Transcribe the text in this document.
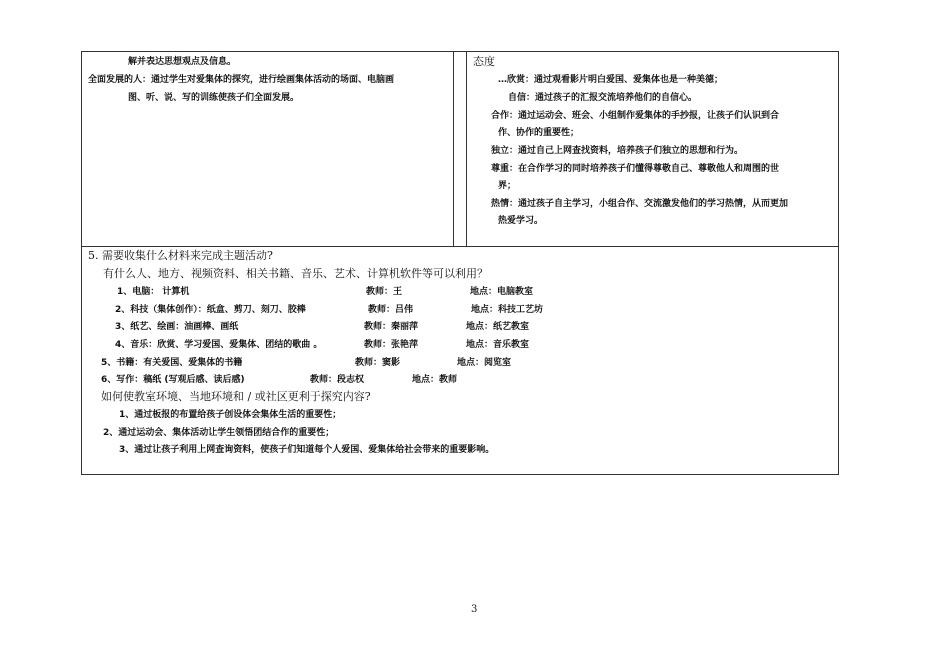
解并表达思想观点及信息。
全面发展的人：通过学生对爱集体的探究，进行绘画集体活动的场面、电脑画
图、听、说、写的训练使孩子们全面发展。
态度
…欣赏：通过观看影片明白爱国、爱集体也是一种美德；
自信：通过孩子的汇报交流培养他们的自信心。
合作：通过运动会、班会、小组制作爱集体的手抄报，让孩子们认识到合
作、协作的重要性；
独立：通过自己上网查找资料，培养孩子们独立的思想和行为。
尊重：在合作学习的同时培养孩子们懂得尊敬自己、尊敬他人和周围的世
界；
热情：通过孩子自主学习，小组合作、交流激发他们的学习热情，从而更加
热爱学习。
5. 需要收集什么材料来完成主题活动?
有什么人、地方、视频资料、相关书籍、音乐、艺术、计算机软件等可以利用？
1、电脑： 计算机	教师：王	地点：电脑教室
2、科技（集体创作）：纸盒、剪刀、刻刀、胶棒	教师：吕伟	地点：科技工艺坊
3、纸艺、绘画：油画棒、画纸	教师：秦丽萍	地点：纸艺教室
4、音乐：欣赏、学习爱国、爱集体、团结的歌曲 。	教师：张艳萍	地点：音乐教室
5、书籍：有关爱国、爱集体的书籍	教师：窦影	地点：阅览室
6、写作：稿纸 (写观后感、读后感)	教师：段志权	地点：教师
如何使教室环境、当地环境和 / 或社区更利于探究内容?
1、通过板报的布置给孩子创设体会集体生活的重要性；
2、通过运动会、集体活动让学生领悟团结合作的重要性；
3、通过让孩子利用上网查询资料，使孩子们知道每个人爱国、爱集体给社会带来的重要影响。
3
